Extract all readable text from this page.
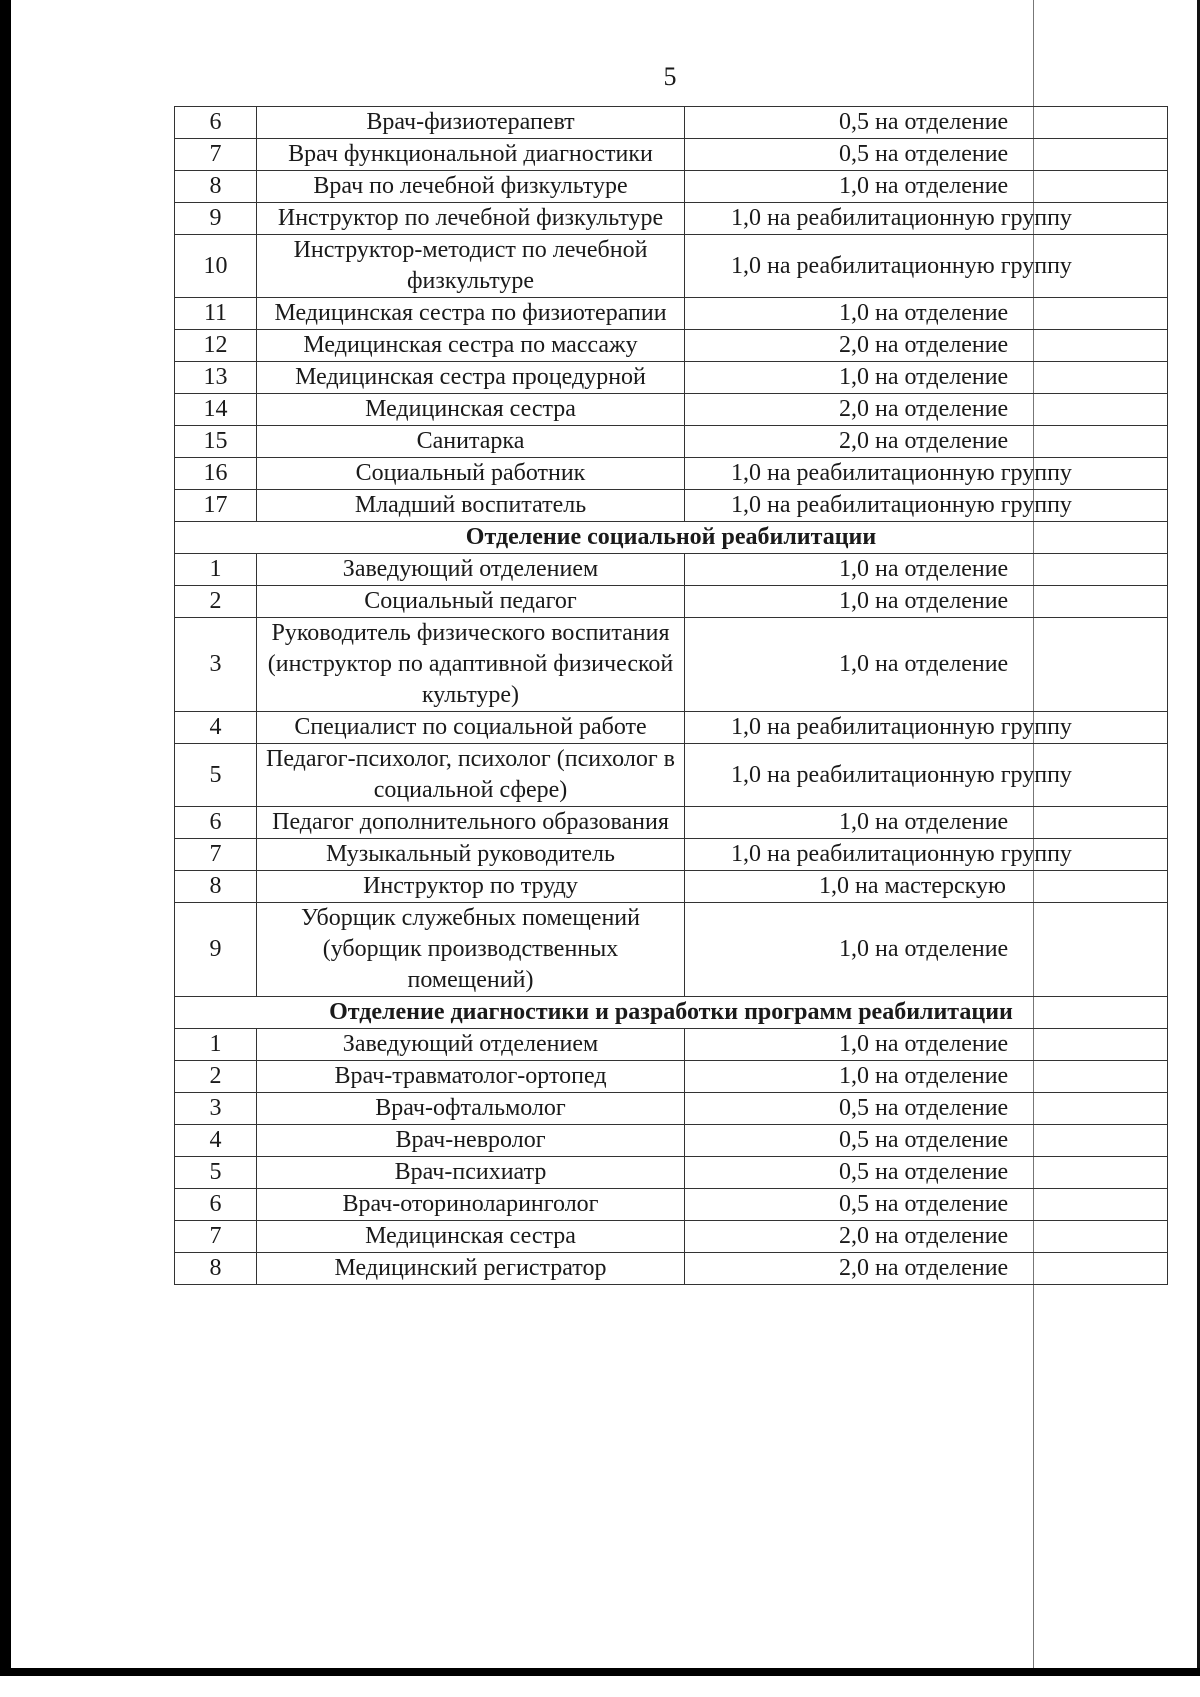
5
6	Врач-физиотерапевт	0,5 на отделение

7	Врач функциональной диагностики	0,5 на отделение

8	Врач по лечебной физкультуре	1,0 на отделение

9	Инструктор по лечебной физкультуре	1,0 на реабилитационную группу

10	Инструктор-методист по лечебной физкультуре	1,0 на реабилитационную группу

11	Медицинская сестра по физиотерапии	1,0 на отделение

12	Медицинская сестра по массажу	2,0 на отделение

13	Медицинская сестра процедурной	1,0 на отделение

14	Медицинская сестра	2,0 на отделение

15	Санитарка	2,0 на отделение

16	Социальный работник	1,0 на реабилитационную группу

17	Младший воспитатель	1,0 на реабилитационную группу

Отделение социальной реабилитации		
1	Заведующий отделением	1,0 на отделение

2	Социальный педагог	1,0 на отделение

3	Руководитель физического воспитания (инструктор по адаптивной физической культуре)	1,0 на отделение

4	Специалист по социальной работе	1,0 на реабилитационную группу

5	Педагог-психолог, психолог (психолог в социальной сфере)	1,0 на реабилитационную группу

6	Педагог дополнительного образования	1,0 на отделение

7	Музыкальный руководитель	1,0 на реабилитационную группу

8	Инструктор по труду	1,0 на мастерскую

9	Уборщик служебных помещений (уборщик производственных помещений)	1,0 на отделение

Отделение диагностики и разработки программ реабилитации		
1	Заведующий отделением	1,0 на отделение

2	Врач-травматолог-ортопед	1,0 на отделение

3	Врач-офтальмолог	0,5 на отделение

4	Врач-невролог	0,5 на отделение

5	Врач-психиатр	0,5 на отделение

6	Врач-оториноларинголог	0,5 на отделение

7	Медицинская сестра	2,0 на отделение

8	Медицинский регистратор	2,0 на отделение
